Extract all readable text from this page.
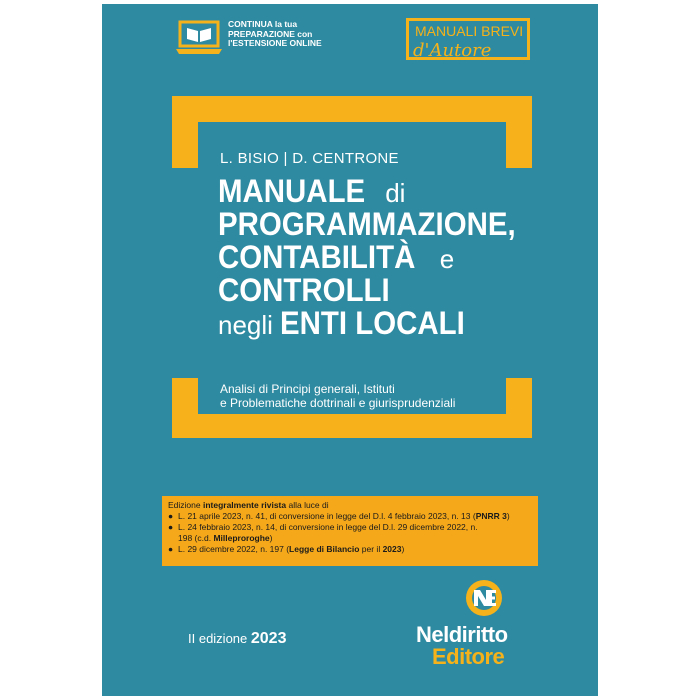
CONTINUA la tua
PREPARAZIONE con
l'ESTENSIONE ONLINE
MANUALI BREVI
d'Autore
L. BISIO | D. CENTRONE
MANUALE di
PROGRAMMAZIONE,
CONTABILITÀ e
CONTROLLI
negli ENTI LOCALI
Analisi di Principi generali, Istituti
e Problematiche dottrinali e giurisprudenziali
Edizione integralmente rivista alla luce di
● L. 21 aprile 2023, n. 41, di conversione in legge del D.l. 4 febbraio 2023, n. 13 (PNRR 3)
● L. 24 febbraio 2023, n. 14, di conversione in legge del D.l. 29 dicembre 2022, n.
198 (c.d. Milleproroghe)
● L. 29 dicembre 2022, n. 197 (Legge di Bilancio per il 2023)
II edizione 2023	Neldiritto
Editore
